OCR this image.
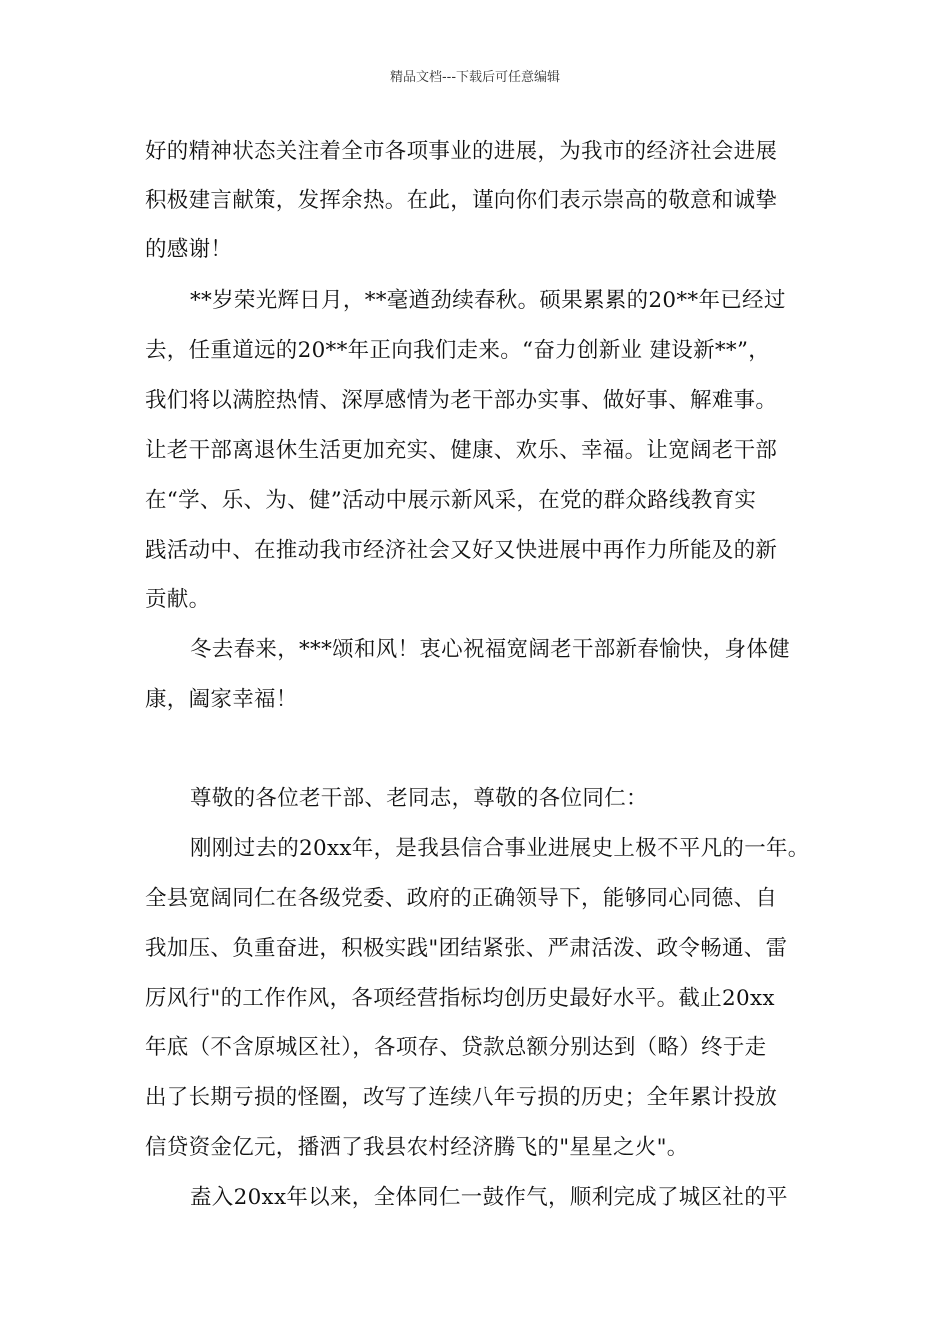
精品文档---下载后可任意编辑
好的精神状态关注着全市各项事业的进展，为我市的经济社会进展
积极建言献策，发挥余热。在此，谨向你们表示崇高的敬意和诚挚
的感谢！
**岁荣光辉日月，**毫遒劲续春秋。硕果累累的20**年已经过
去，任重道远的20**年正向我们走来。“奋力创新业 建设新**”，
我们将以满腔热情、深厚感情为老干部办实事、做好事、解难事。
让老干部离退休生活更加充实、健康、欢乐、幸福。让宽阔老干部
在“学、乐、为、健”活动中展示新风采，在党的群众路线教育实
践活动中、在推动我市经济社会又好又快进展中再作力所能及的新
贡献。
冬去春来，***颂和风！衷心祝福宽阔老干部新春愉快，身体健
康，阖家幸福！
尊敬的各位老干部、老同志，尊敬的各位同仁：
刚刚过去的20xx年，是我县信合事业进展史上极不平凡的一年。
全县宽阔同仁在各级党委、政府的正确领导下，能够同心同德、自
我加压、负重奋进，积极实践"团结紧张、严肃活泼、政令畅通、雷
厉风行"的工作作风，各项经营指标均创历史最好水平。截止20xx
年底（不含原城区社），各项存、贷款总额分别达到（略）终于走
出了长期亏损的怪圈，改写了连续八年亏损的历史；全年累计投放
信贷资金亿元，播洒了我县农村经济腾飞的"星星之火"。
盍入20xx年以来，全体同仁一鼓作气，顺利完成了城区社的平
